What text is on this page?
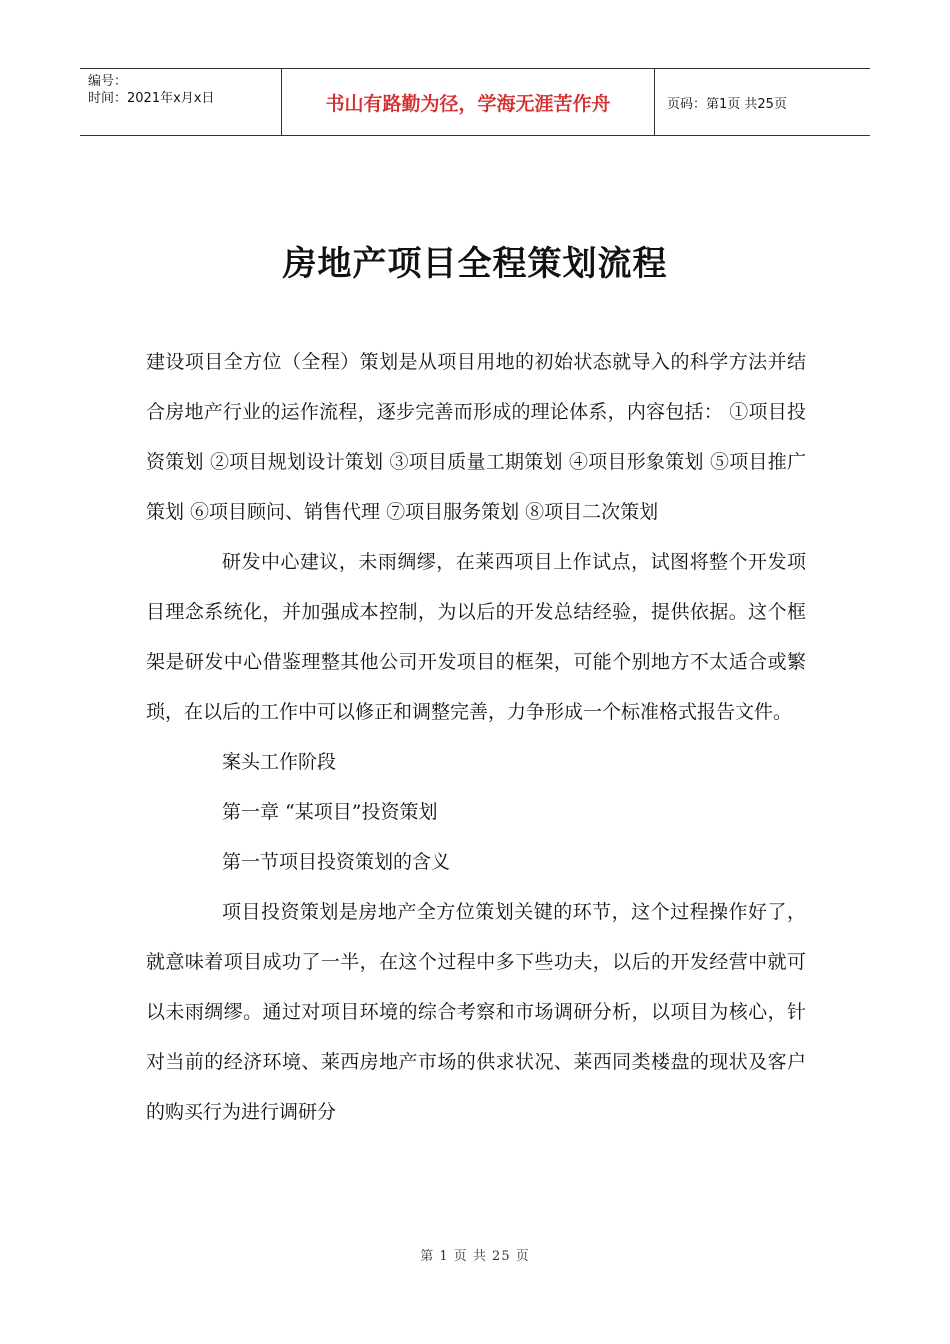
编号：
时间：2021年x月x日	书山有路勤为径，学海无涯苦作舟	页码：第1页 共25页
房地产项目全程策划流程

建设项目全方位（全程）策划是从项目用地的初始状态就导入的科学方法并结合房地产行业的运作流程，逐步完善而形成的理论体系，内容包括： ①项目投资策划 ②项目规划设计策划 ③项目质量工期策划 ④项目形象策划 ⑤项目推广策划 ⑥项目顾问、销售代理 ⑦项目服务策划 ⑧项目二次策划

研发中心建议，未雨绸缪，在莱西项目上作试点，试图将整个开发项目理念系统化，并加强成本控制，为以后的开发总结经验，提供依据。这个框架是研发中心借鉴理整其他公司开发项目的框架，可能个别地方不太适合或繁琐，在以后的工作中可以修正和调整完善，力争形成一个标准格式报告文件。

案头工作阶段

第一章 “某项目”投资策划

第一节项目投资策划的含义

项目投资策划是房地产全方位策划关键的环节，这个过程操作好了，就意味着项目成功了一半，在这个过程中多下些功夫，以后的开发经营中就可以未雨绸缪。通过对项目环境的综合考察和市场调研分析，以项目为核心，针对当前的经济环境、莱西房地产市场的供求状况、莱西同类楼盘的现状及客户的购买行为进行调研分

第 1 页 共 25 页
